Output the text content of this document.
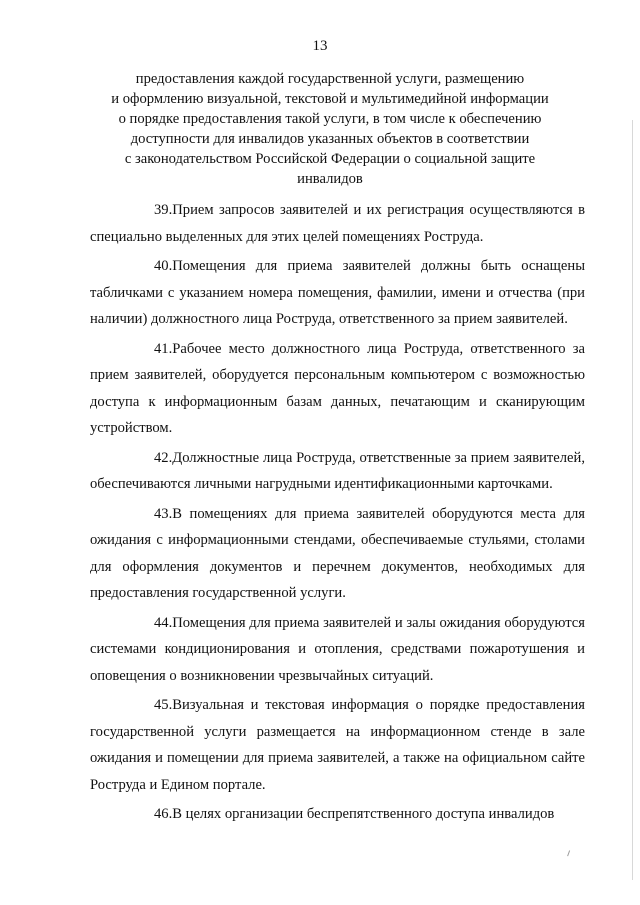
13
предоставления каждой государственной услуги, размещению
и оформлению визуальной, текстовой и мультимедийной информации
о порядке предоставления такой услуги, в том числе к обеспечению
доступности для инвалидов указанных объектов в соответствии
с законодательством Российской Федерации о социальной защите
инвалидов

39.Прием запросов заявителей и их регистрация осуществляются в специально выделенных для этих целей помещениях Роструда.

40.Помещения для приема заявителей должны быть оснащены табличками с указанием номера помещения, фамилии, имени и отчества (при наличии) должностного лица Роструда, ответственного за прием заявителей.

41.Рабочее место должностного лица Роструда, ответственного за прием заявителей, оборудуется персональным компьютером с возможностью доступа к информационным базам данных, печатающим и сканирующим устройством.

42.Должностные лица Роструда, ответственные за прием заявителей, обеспечиваются личными нагрудными идентификационными карточками.

43.В помещениях для приема заявителей оборудуются места для ожидания с информационными стендами, обеспечиваемые стульями, столами для оформления документов и перечнем документов, необходимых для предоставления государственной услуги.

44.Помещения для приема заявителей и залы ожидания оборудуются системами кондиционирования и отопления, средствами пожаротушения и оповещения о возникновении чрезвычайных ситуаций.

45.Визуальная и текстовая информация о порядке предоставления государственной услуги размещается на информационном стенде в зале ожидания и помещении для приема заявителей, а также на официальном сайте Роструда и Едином портале.

46.В целях организации беспрепятственного доступа инвалидов
